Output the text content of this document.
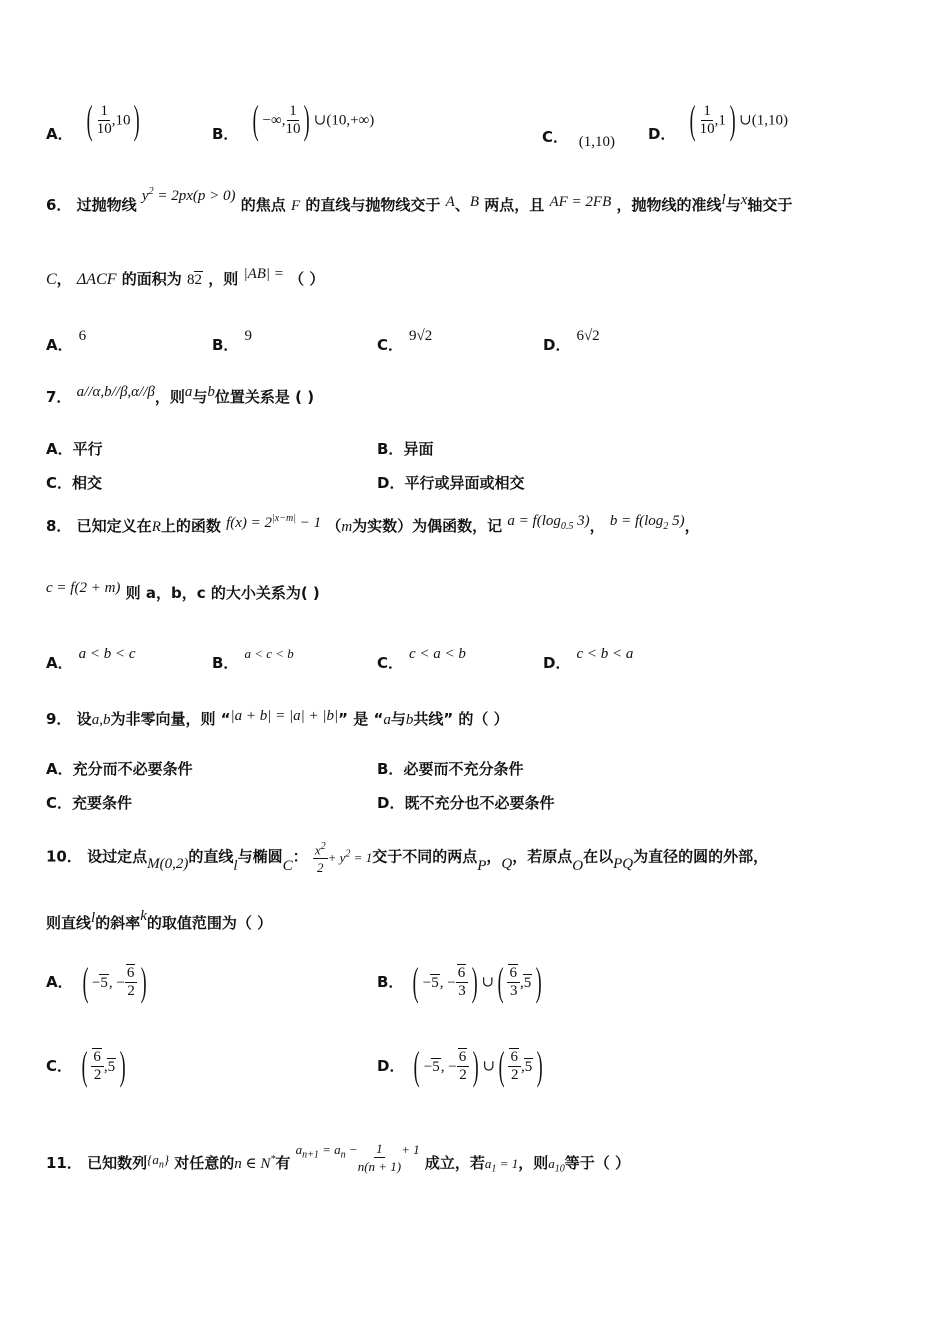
A． ( $\frac{1}{10} ,10$)	B． ( −∞, $\frac{1}{10}$ ) ∪(10,+∞)
C． (1,10) D． ( $\frac{1}{10} ,1$) ∪(1,10)
6． 过抛物线 $y^2 = 2px(p > 0)$ 的焦点 F 的直线与抛物线交于 A、B 两点，且 AF = 2FB ，抛物线的准线l与x轴交于
C， ΔACF 的面积为 82 ，则 |AB| = （ ）
A． 6	B． 9	C． 9√2	D． 6√2
7． a//α,b//β,α//β，则a与b位置关系是 ( )
A．平行	B．异面
C．相交	D．平行或异面或相交
8． 已知定义在R上的函数 $f(x) = 2^{|x-m|} - 1$ （m为实数）为偶函数，记 $a = f(\log_{0.5}$ 3)， $b = f(\log_2$ 5)，
c = f(2 + m) 则 a，b，c 的大小关系为( )
A． a < b < c	B．a < c < b
C． c < a < b	D． c < b < a
9． 设a,b为非零向量，则 “|a + b| = |a| + |b|” 是 “a与b共线” 的（ ）
A．充分而不必要条件	B．必要而不充分条件
C．充要条件	D．既不充分也不必要条件
10． 设过定点M(0,2)的直线l与椭圆C： $\frac{x^2}{2} + y^2 = 1$交于不同的两点P，Q，若原点O在以PQ为直径的圆的外部，
则直线l的斜率k的取值范围为（ ）
A． ( −5, − $\frac{6}{2}$ )	B． ( −5, − $\frac{6}{3}$ ) ∪( $\frac{6}{3} ,5$ )
C． ( $\frac{6}{2} ,5$ )	D． ( −5, − $\frac{6}{2}$ ) ∪( $\frac{6}{2} ,5$ )
11． 已知数列$\{a_n\}$ 对任意的n ∈ N*有 $a_{n+1} = a_n - \frac{1}{n(n + 1)} + 1$ 成立，若$a_1 = 1$，则$a_{10}$等于（ ）
